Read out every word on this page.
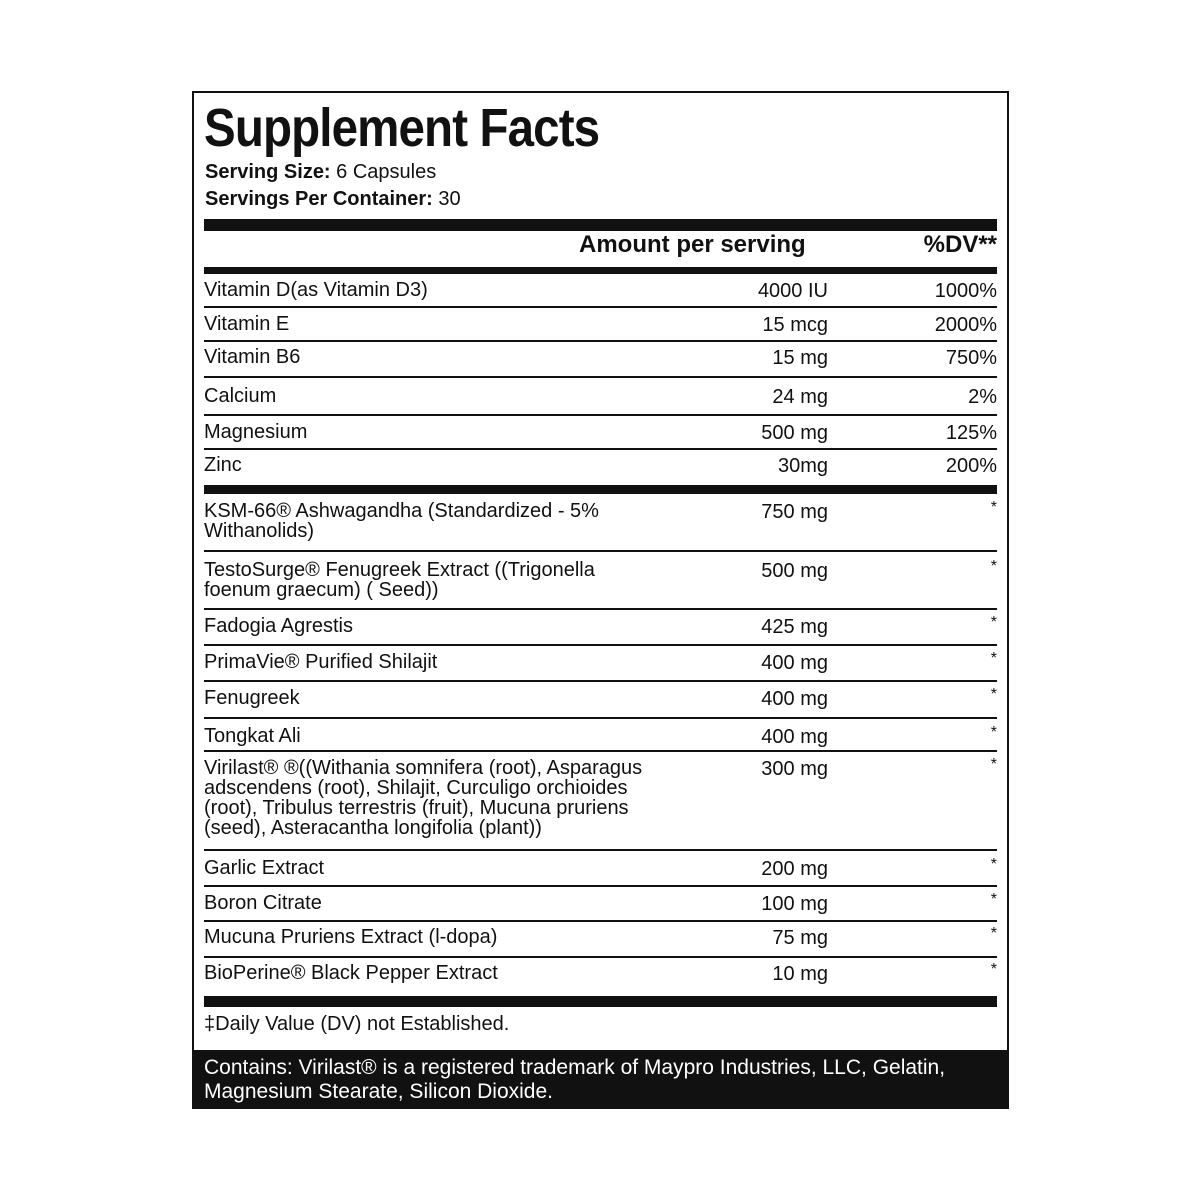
Supplement Facts
Serving Size: 6 Capsules
Servings Per Container: 30
Amount per serving	%DV**
Vitamin D(as Vitamin D3)	4000 IU	1000%
Vitamin E	15 mcg	2000%
Vitamin B6	15 mg	750%
Calcium	24 mg	2%
Magnesium	500 mg	125%
Zinc	30mg	200%
KSM-66® Ashwagandha (Standardized - 5%
Withanolids)
750 mg	*
TestoSurge® Fenugreek Extract ((Trigonella
foenum graecum) ( Seed))
500 mg	*
Fadogia Agrestis	425 mg	*
PrimaVie® Purified Shilajit	400 mg	*
Fenugreek	400 mg	*
Tongkat Ali	400 mg	*
Virilast® ®((Withania somnifera (root), Asparagus
adscendens (root), Shilajit, Curculigo orchioides
(root), Tribulus terrestris (fruit), Mucuna pruriens
(seed), Asteracantha longifolia (plant))
300 mg	*
Garlic Extract	200 mg	*
Boron Citrate	100 mg	*
Mucuna Pruriens Extract (l-dopa)	75 mg	*
BioPerine® Black Pepper Extract	10 mg	*
‡Daily Value (DV) not Established.
Contains: Virilast® is a registered trademark of Maypro Industries, LLC, Gelatin, Magnesium Stearate, Silicon Dioxide.
